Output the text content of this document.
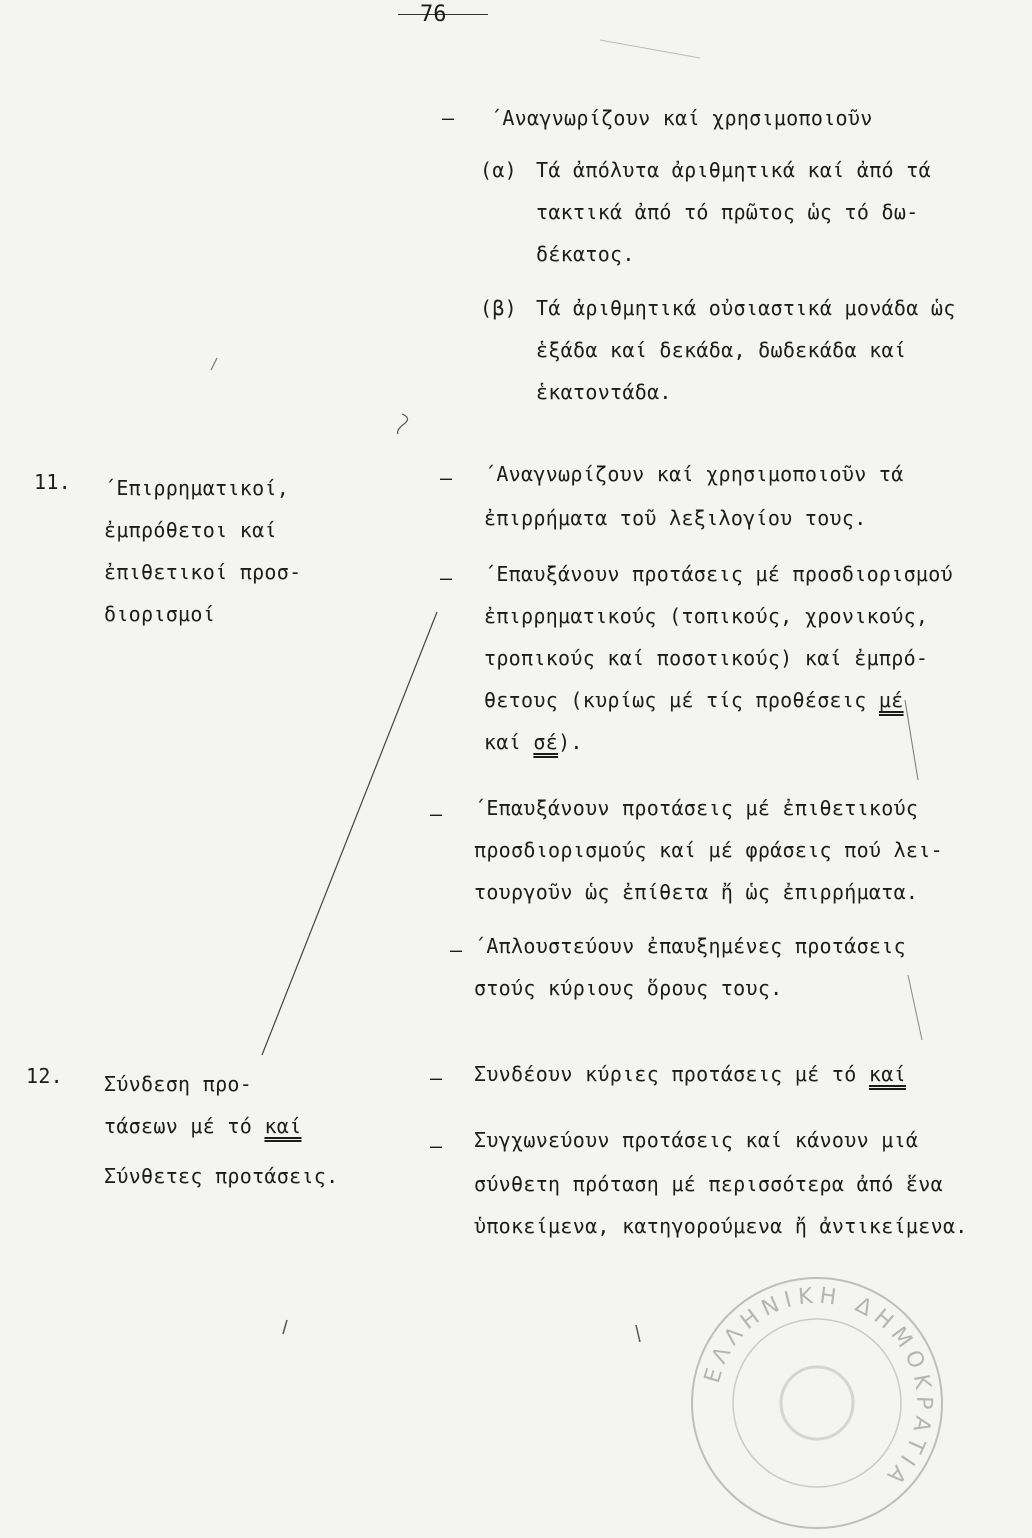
76
– ΄Αναγνωρίζουν καί χρησιμοποιοῦν
(α) Τά ἀπόλυτα ἀριθμητικά καί ἀπό τά
τακτικά ἀπό τό πρῶτος ὡς τό δω-
δέκατος.
(β) Τά ἀριθμητικά οὐσιαστικά μονάδα ὡς
ἑξάδα καί δεκάδα, δωδεκάδα καί
ἑκατοντάδα.
11. ΄Επιρρηματικοί,
ἐμπρόθετοι καί
ἐπιθετικοί προσ-
διορισμοί
– ΄Αναγνωρίζουν καί χρησιμοποιοῦν τά
ἐπιρρήματα τοῦ λεξιλογίου τους.
– ΄Επαυξάνουν προτάσεις μέ προσδιορισμού
ἐπιρρηματικούς (τοπικούς, χρονικούς,
τροπικούς καί ποσοτικούς) καί ἐμπρό-
θετους (κυρίως μέ τίς προθέσεις μέ
καί σέ).
– ΄Επαυξάνουν προτάσεις μέ ἐπιθετικούς
προσδιορισμούς καί μέ φράσεις πού λει-
τουργοῦν ὡς ἐπίθετα ἤ ὡς ἐπιρρήματα.
– ΄Απλουστεύουν ἐπαυξημένες προτάσεις
στούς κύριους ὅρους τους.
12. Σύνδεση προ-
τάσεων μέ τό καί
Σύνθετες προτάσεις.
– Συνδέουν κύριες προτάσεις μέ τό καί
– Συγχωνεύουν προτάσεις καί κάνουν μιά
σύνθετη πρόταση μέ περισσότερα ἀπό ἕνα
ὑποκείμενα, κατηγορούμενα ἤ ἀντικείμενα.
ΕΛΛΗΝΙΚΗ ΔΗΜΟΚΡΑΤΙΑ
